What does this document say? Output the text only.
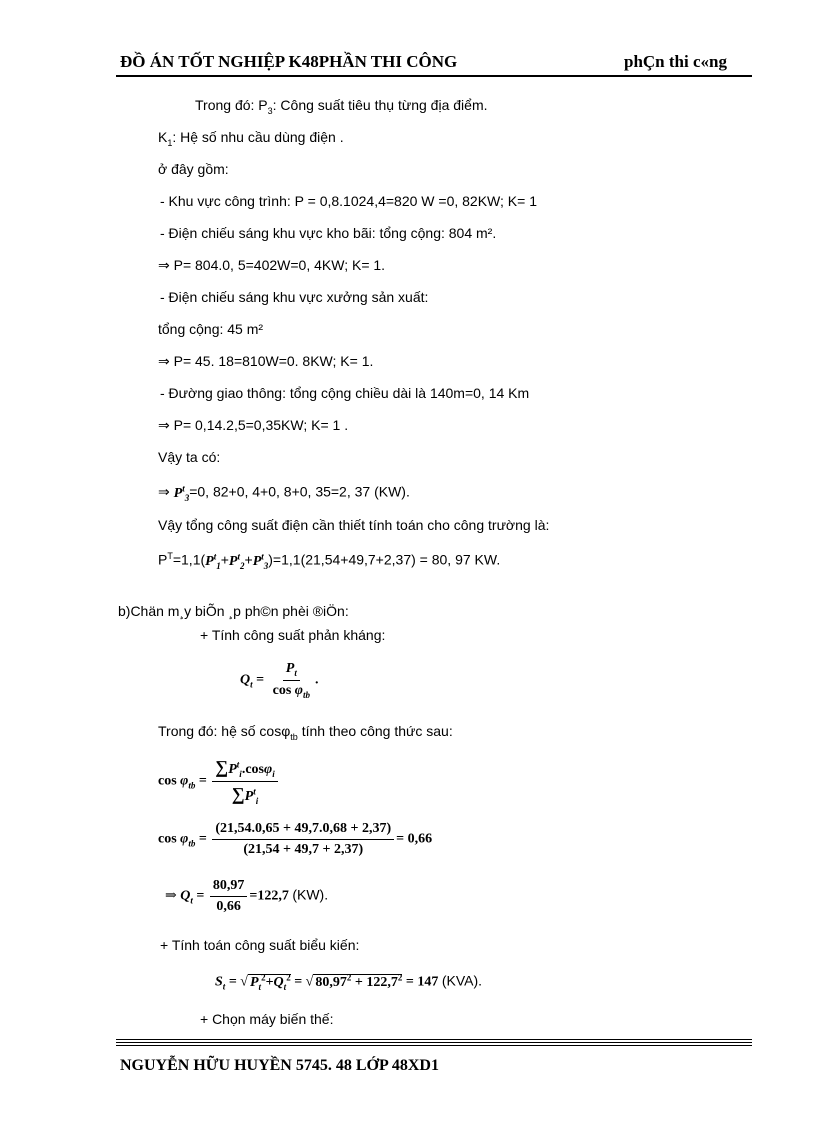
ĐỒ ÁN TỐT NGHIỆP K48PHẦN THI CÔNG	phÇn thi c«ng
Trong đó: $P_3$: Công suất tiêu thụ từng địa điểm.
$K_1$: Hệ số nhu cầu dùng điện .
ở đây gồm:
- Khu vực công trình: P = 0,8.1024,4=820 W =0, 82KW; K= 1
- Điện chiếu sáng khu vực kho bãi: tổng cộng: 804 m².
⇒ P= 804.0, 5=402W=0, 4KW; K= 1.
- Điện chiếu sáng khu vực xưởng sản xuất:
tổng cộng: 45 m²
⇒ P= 45. 18=810W=0. 8KW; K= 1.
- Đường giao thông: tổng cộng chiều dài là 140m=0, 14 Km
⇒ P= 0,14.2,5=0,35KW; K= 1 .
Vậy ta có:
⇒ $P^t_3=0$, 82+0, 4+0, 8+0, 35=2, 37 (KW).
Vậy tổng công suất điện cần thiết tính toán cho công trường là:
$P^T=1,1(P^t_1+P^t_2+P^t_3)=1,1(21,54+49,7+2,37) = 80$, 97 KW.
b)Chän m¸y biÕn ¸p ph©n phèi ®iÖn:
+ Tính công suất phản kháng:
$Q_t = \frac{P_t}{\cos \varphi_{tb}}$ .
Trong đó: hệ số cosφ$_{tb}$ tính theo công thức sau:
$\cos \varphi_{tb} = \frac{\sum P^t_i.\cos\varphi_i}{\sum P^t_i}$
$\cos \varphi_{tb} = \frac{(21,54.0,65 + 49,7.0,68 + 2,37)}{(21,54 + 49,7 + 2,37)} = 0,66$
⇒ $Q_t = \frac{80,97}{0,66} =122,7$ (KW).
+ Tính toán công suất biểu kiến:
$S_t$ = √ $P_t^2+Q_t^2$ = √ $80,97^2 + 122,7^2 = 147$ (KVA).
+ Chọn máy biến thế:
NGUYỄN HỮU HUYỀN 5745. 48 LỚP 48XD1
